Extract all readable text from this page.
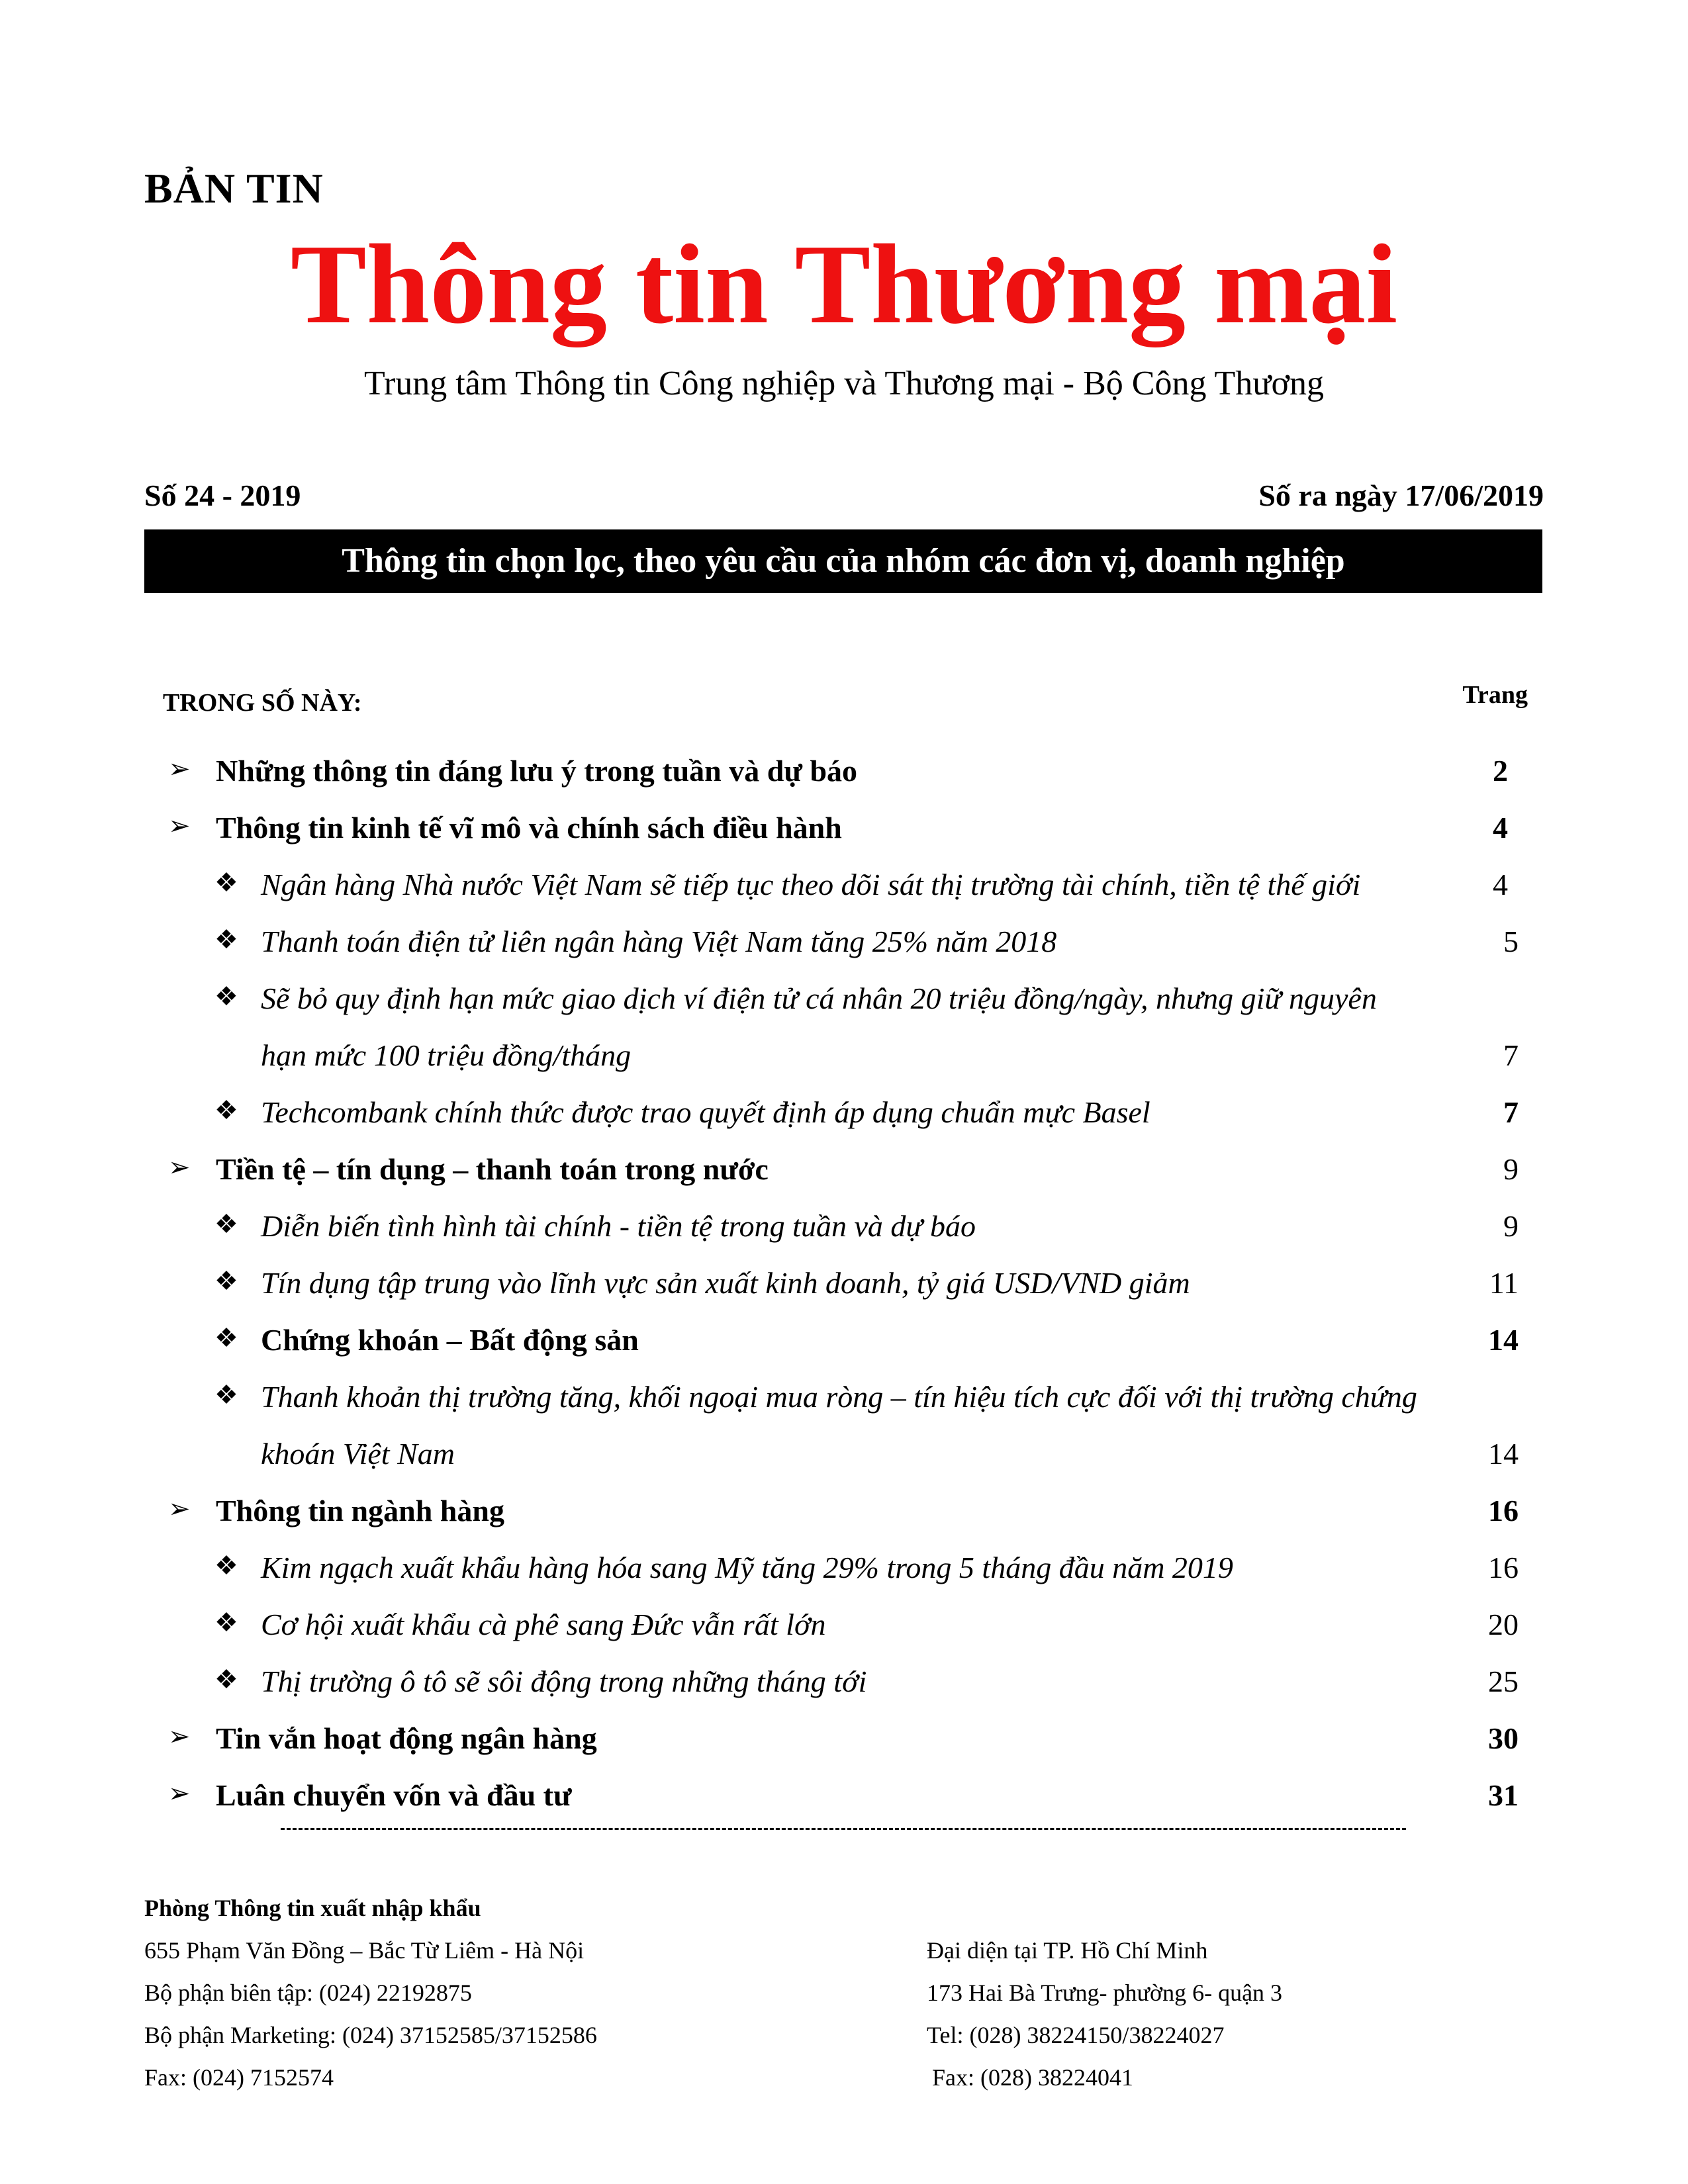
BẢN TIN
Thông tin Thương mại
Trung tâm Thông tin Công nghiệp và Thương mại - Bộ Công Thương
Số 24 - 2019	Số ra ngày 17/06/2019
Thông tin chọn lọc, theo yêu cầu của nhóm các đơn vị, doanh nghiệp
TRONG SỐ NÀY:	Trang
➢ Những thông tin đáng lưu ý trong tuần và dự báo	2
➢ Thông tin kinh tế vĩ mô và chính sách điều hành	4
❖ Ngân hàng Nhà nước Việt Nam sẽ tiếp tục theo dõi sát thị trường tài chính, tiền tệ thế giới	4
❖ Thanh toán điện tử liên ngân hàng Việt Nam tăng 25% năm 2018	5
❖ Sẽ bỏ quy định hạn mức giao dịch ví điện tử cá nhân 20 triệu đồng/ngày, nhưng giữ nguyên
hạn mức 100 triệu đồng/tháng	7
❖ Techcombank chính thức được trao quyết định áp dụng chuẩn mực Basel	7
➢ Tiền tệ – tín dụng – thanh toán trong nước	9
❖ Diễn biến tình hình tài chính - tiền tệ trong tuần và dự báo	9
❖ Tín dụng tập trung vào lĩnh vực sản xuất kinh doanh, tỷ giá USD/VND giảm	11
❖ Chứng khoán – Bất động sản	14
❖ Thanh khoản thị trường tăng, khối ngoại mua ròng – tín hiệu tích cực đối với thị trường chứng
khoán Việt Nam	14
➢ Thông tin ngành hàng	16
❖ Kim ngạch xuất khẩu hàng hóa sang Mỹ tăng 29% trong 5 tháng đầu năm 2019	16
❖ Cơ hội xuất khẩu cà phê sang Đức vẫn rất lớn	20
❖ Thị trường ô tô sẽ sôi động trong những tháng tới	25
➢ Tin vắn hoạt động ngân hàng	30
➢ Luân chuyển vốn và đầu tư	31
Phòng Thông tin xuất nhập khẩu
655 Phạm Văn Đồng – Bắc Từ Liêm - Hà Nội
Bộ phận biên tập: (024) 22192875
Bộ phận Marketing: (024) 37152585/37152586
Fax: (024) 7152574
Đại diện tại TP. Hồ Chí Minh
173 Hai Bà Trưng- phường 6- quận 3
Tel: (028) 38224150/38224027
Fax: (028) 38224041
